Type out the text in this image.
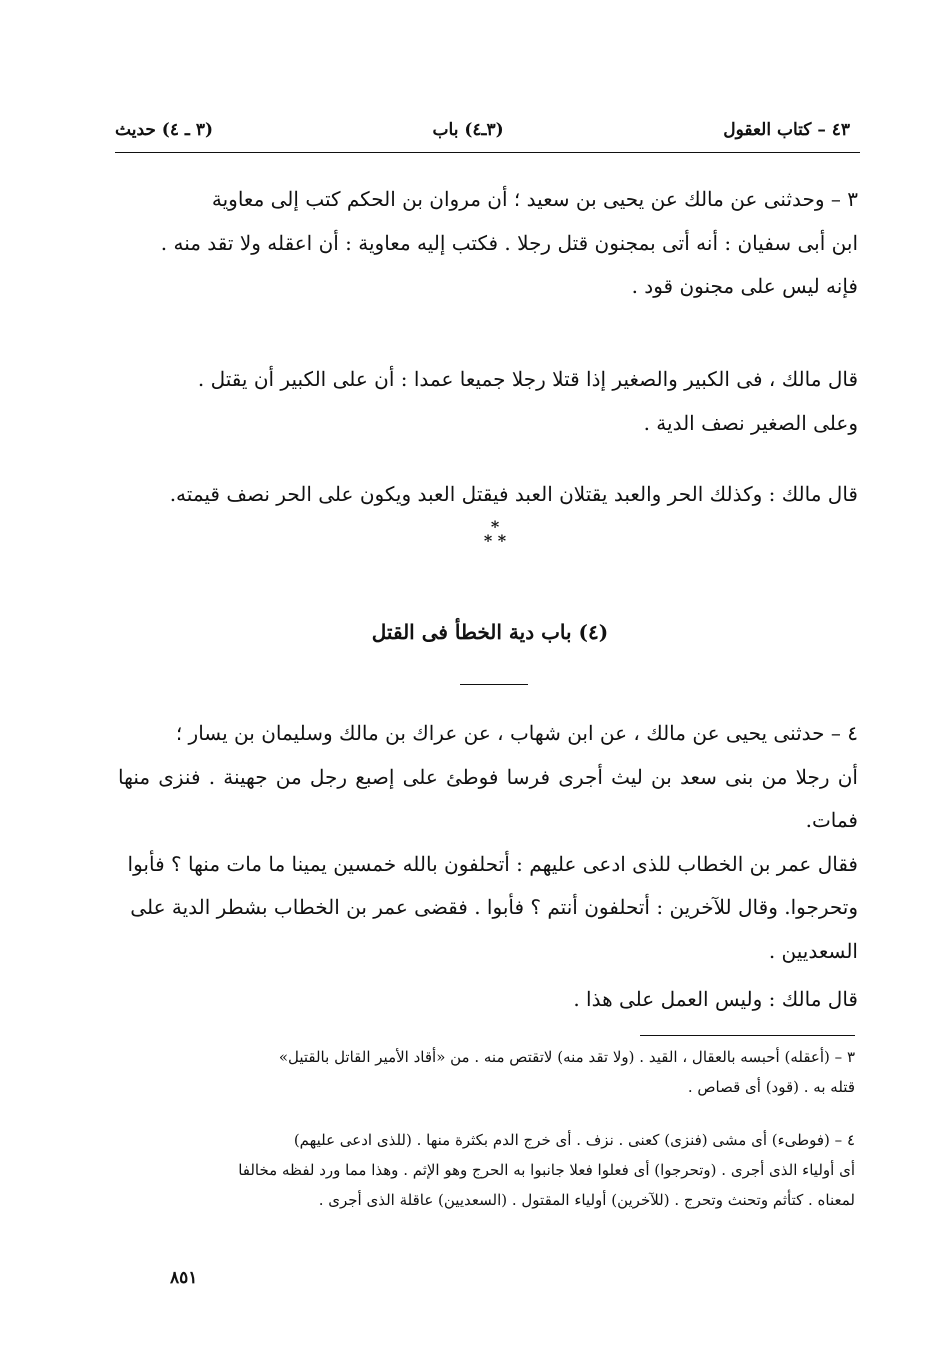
٤٣ – كتاب العقول
(٣ـ٤) باب
(٣ ـ ٤) حديث
٣ – وحدثنى عن مالك عن يحيى بن سعيد ؛ أن مروان بن الحكم كتب إلى معاوية
ابن أبى سفيان : أنه أتى بمجنون قتل رجلا . فكتب إليه معاوية : أن اعقله ولا تقد منه .
فإنه ليس على مجنون قود .
قال مالك ، فى الكبير والصغير إذا قتلا رجلا جميعا عمدا : أن على الكبير أن يقتل .
وعلى الصغير نصف الدية .
قال مالك : وكذلك الحر والعبد يقتلان العبد فيقتل العبد ويكون على الحر نصف قيمته.
*
* *
(٤) باب دية الخطأ فى القتل
٤ – حدثنى يحيى عن مالك ، عن ابن شهاب ، عن عراك بن مالك وسليمان بن يسار ؛
أن رجلا من بنى سعد بن ليث أجرى فرسا فوطئ على إصبع رجل من جهينة . فنزى منها فمات.
فقال عمر بن الخطاب للذى ادعى عليهم : أتحلفون بالله خمسين يمينا ما مات منها ؟ فأبوا
وتحرجوا. وقال للآخرين : أتحلفون أنتم ؟ فأبوا . فقضى عمر بن الخطاب بشطر الدية على
السعديين .
قال مالك : وليس العمل على هذا .
٣ – (أعقله) أحبسه بالعقال ، القيد . (ولا تقد منه) لاتقتص منه . من «أقاد الأمير القاتل بالقتيل»
قتله به . (قود) أى قصاص .
٤ – (فوطىء) أى مشى (فنزى) كعنى . نزف . أى خرج الدم بكثرة منها . (للذى ادعى عليهم)
أى أولياء الذى أجرى . (وتحرجوا) أى فعلوا فعلا جانبوا به الحرج وهو الإثم . وهذا مما ورد لفظه مخالفا
لمعناه . كتأثم وتحنث وتحرج . (للآخرين) أولياء المقتول . (السعديين) عاقلة الذى أجرى .
٨٥١
